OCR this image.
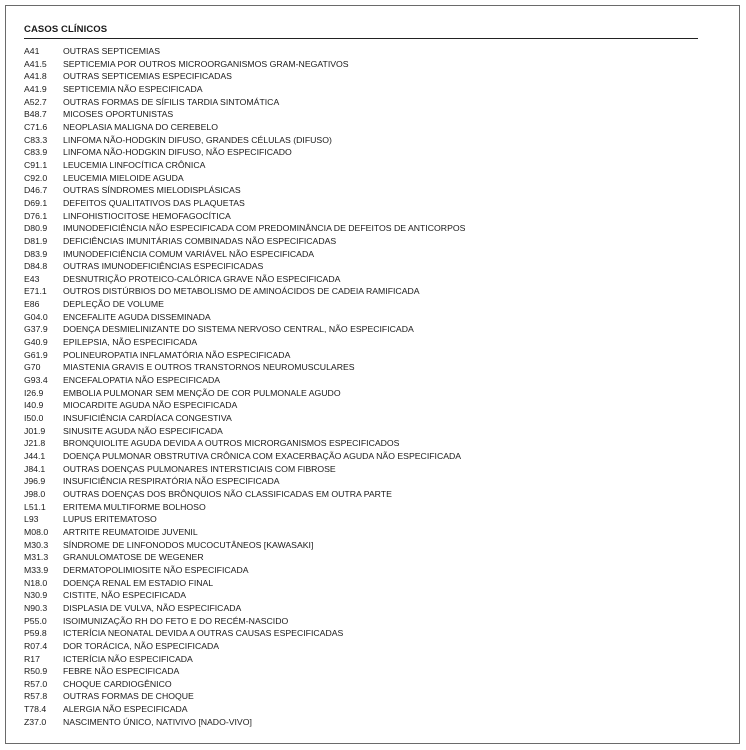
CASOS CLÍNICOS
A41	OUTRAS SEPTICEMIAS
A41.5	SEPTICEMIA POR OUTROS MICROORGANISMOS GRAM-NEGATIVOS
A41.8	OUTRAS SEPTICEMIAS ESPECIFICADAS
A41.9	SEPTICEMIA NÃO ESPECIFICADA
A52.7	OUTRAS FORMAS DE SÍFILIS TARDIA SINTOMÁTICA
B48.7	MICOSES OPORTUNISTAS
C71.6	NEOPLASIA MALIGNA DO CEREBELO
C83.3	LINFOMA NÃO-HODGKIN DIFUSO, GRANDES CÉLULAS (DIFUSO)
C83.9	LINFOMA NÃO-HODGKIN DIFUSO, NÃO ESPECIFICADO
C91.1	LEUCEMIA LINFOCÍTICA CRÔNICA
C92.0	LEUCEMIA MIELOIDE AGUDA
D46.7	OUTRAS SÍNDROMES MIELODISPLÁSICAS
D69.1	DEFEITOS QUALITATIVOS DAS PLAQUETAS
D76.1	LINFOHISTIOCITOSE HEMOFAGOCÍTICA
D80.9	IMUNODEFICIÊNCIA NÃO ESPECIFICADA COM PREDOMINÂNCIA DE DEFEITOS DE ANTICORPOS
D81.9	DEFICIÊNCIAS IMUNITÁRIAS COMBINADAS NÃO ESPECIFICADAS
D83.9	IMUNODEFICIÊNCIA COMUM VARIÁVEL NÃO ESPECIFICADA
D84.8	OUTRAS IMUNODEFICIÊNCIAS ESPECIFICADAS
E43	DESNUTRIÇÃO PROTEICO-CALÓRICA GRAVE NÃO ESPECIFICADA
E71.1	OUTROS DISTÚRBIOS DO METABOLISMO DE AMINOÁCIDOS DE CADEIA RAMIFICADA
E86	DEPLEÇÃO DE VOLUME
G04.0	ENCEFALITE AGUDA DISSEMINADA
G37.9	DOENÇA DESMIELINIZANTE DO SISTEMA NERVOSO CENTRAL, NÃO ESPECIFICADA
G40.9	EPILEPSIA, NÃO ESPECIFICADA
G61.9	POLINEUROPATIA INFLAMATÓRIA NÃO ESPECIFICADA
G70	MIASTENIA GRAVIS E OUTROS TRANSTORNOS NEUROMUSCULARES
G93.4	ENCEFALOPATIA NÃO ESPECIFICADA
I26.9	EMBOLIA PULMONAR SEM MENÇÃO DE COR PULMONALE AGUDO
I40.9	MIOCARDITE AGUDA NÃO ESPECIFICADA
I50.0	INSUFICIÊNCIA CARDÍACA CONGESTIVA
J01.9	SINUSITE AGUDA NÃO ESPECIFICADA
J21.8	BRONQUIOLITE AGUDA DEVIDA A OUTROS MICRORGANISMOS ESPECIFICADOS
J44.1	DOENÇA PULMONAR OBSTRUTIVA CRÔNICA COM EXACERBAÇÃO AGUDA NÃO ESPECIFICADA
J84.1	OUTRAS DOENÇAS PULMONARES INTERSTICIAIS COM FIBROSE
J96.9	INSUFICIÊNCIA RESPIRATÓRIA NÃO ESPECIFICADA
J98.0	OUTRAS DOENÇAS DOS BRÔNQUIOS NÃO CLASSIFICADAS EM OUTRA PARTE
L51.1	ERITEMA MULTIFORME BOLHOSO
L93	LUPUS ERITEMATOSO
M08.0	ARTRITE REUMATOIDE JUVENIL
M30.3	SÍNDROME DE LINFONODOS MUCOCUTÂNEOS [KAWASAKI]
M31.3	GRANULOMATOSE DE WEGENER
M33.9	DERMATOPOLIMIOSITE NÃO ESPECIFICADA
N18.0	DOENÇA RENAL EM ESTADIO FINAL
N30.9	CISTITE, NÃO ESPECIFICADA
N90.3	DISPLASIA DE VULVA, NÃO ESPECIFICADA
P55.0	ISOIMUNIZAÇÃO RH DO FETO E DO RECÉM-NASCIDO
P59.8	ICTERÍCIA NEONATAL DEVIDA A OUTRAS CAUSAS ESPECIFICADAS
R07.4	DOR TORÁCICA, NÃO ESPECIFICADA
R17	ICTERÍCIA NÃO ESPECIFICADA
R50.9	FEBRE NÃO ESPECIFICADA
R57.0	CHOQUE CARDIOGÊNICO
R57.8	OUTRAS FORMAS DE CHOQUE
T78.4	ALERGIA NÃO ESPECIFICADA
Z37.0	NASCIMENTO ÚNICO, NATIVIVO [NADO-VIVO]
